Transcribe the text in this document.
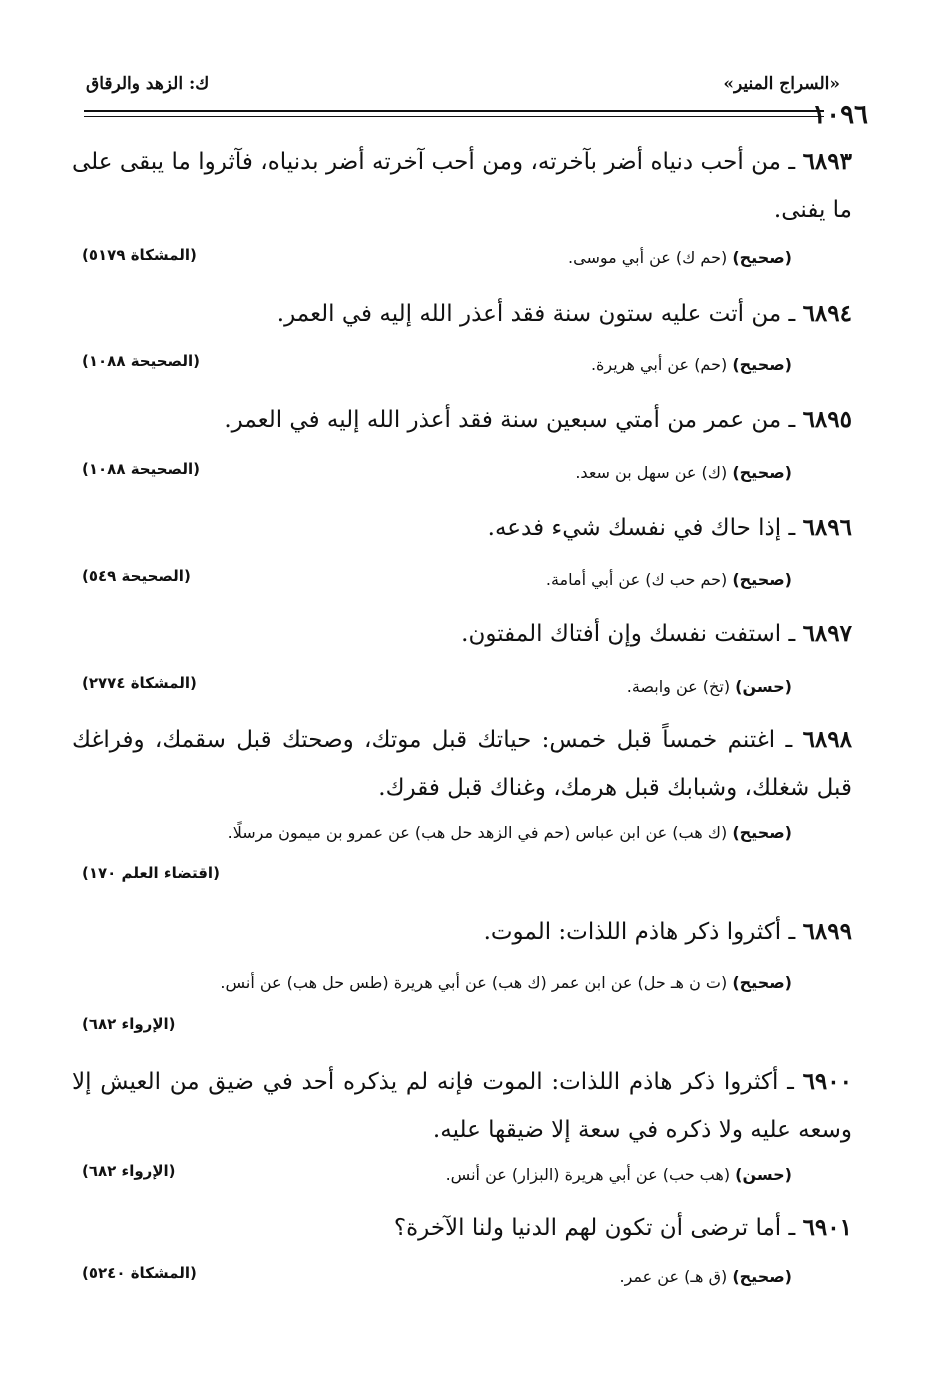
١٠٩٦
«السراج المنير»
ك: الزهد والرقاق
٦٨٩٣ ـ من أحب دنياه أضر بآخرته، ومن أحب آخرته أضر بدنياه، فآثروا ما يبقى على ما يفنى.
(صحيح) (حم ك) عن أبي موسى.
(المشكاة ٥١٧٩)
٦٨٩٤ ـ من أتت عليه ستون سنة فقد أعذر الله إليه في العمر.
(صحيح) (حم) عن أبي هريرة.
(الصحيحة ١٠٨٨)
٦٨٩٥ ـ من عمر من أمتي سبعين سنة فقد أعذر الله إليه في العمر.
(صحيح) (ك) عن سهل بن سعد.
(الصحيحة ١٠٨٨)
٦٨٩٦ ـ إذا حاك في نفسك شيء فدعه.
(صحيح) (حم حب ك) عن أبي أمامة.
(الصحيحة ٥٤٩)
٦٨٩٧ ـ استفت نفسك وإن أفتاك المفتون.
(حسن) (تخ) عن وابصة.
(المشكاة ٢٧٧٤)
٦٨٩٨ ـ اغتنم خمساً قبل خمس: حياتك قبل موتك، وصحتك قبل سقمك، وفراغك قبل شغلك، وشبابك قبل هرمك، وغناك قبل فقرك.
(صحيح) (ك هب) عن ابن عباس (حم في الزهد حل هب) عن عمرو بن ميمون مرسلًا.
(اقتضاء العلم ١٧٠)
٦٨٩٩ ـ أكثروا ذكر هاذم اللذات: الموت.
(صحيح) (ت ن هـ حل) عن ابن عمر (ك هب) عن أبي هريرة (طس حل هب) عن أنس.
(الإرواء ٦٨٢)
٦٩٠٠ ـ أكثروا ذكر هاذم اللذات: الموت فإنه لم يذكره أحد في ضيق من العيش إلا وسعه عليه ولا ذكره في سعة إلا ضيقها عليه.
(حسن) (هب حب) عن أبي هريرة (البزار) عن أنس.
(الإرواء ٦٨٢)
٦٩٠١ ـ أما ترضى أن تكون لهم الدنيا ولنا الآخرة؟
(صحيح) (ق هـ) عن عمر.
(المشكاة ٥٢٤٠)
